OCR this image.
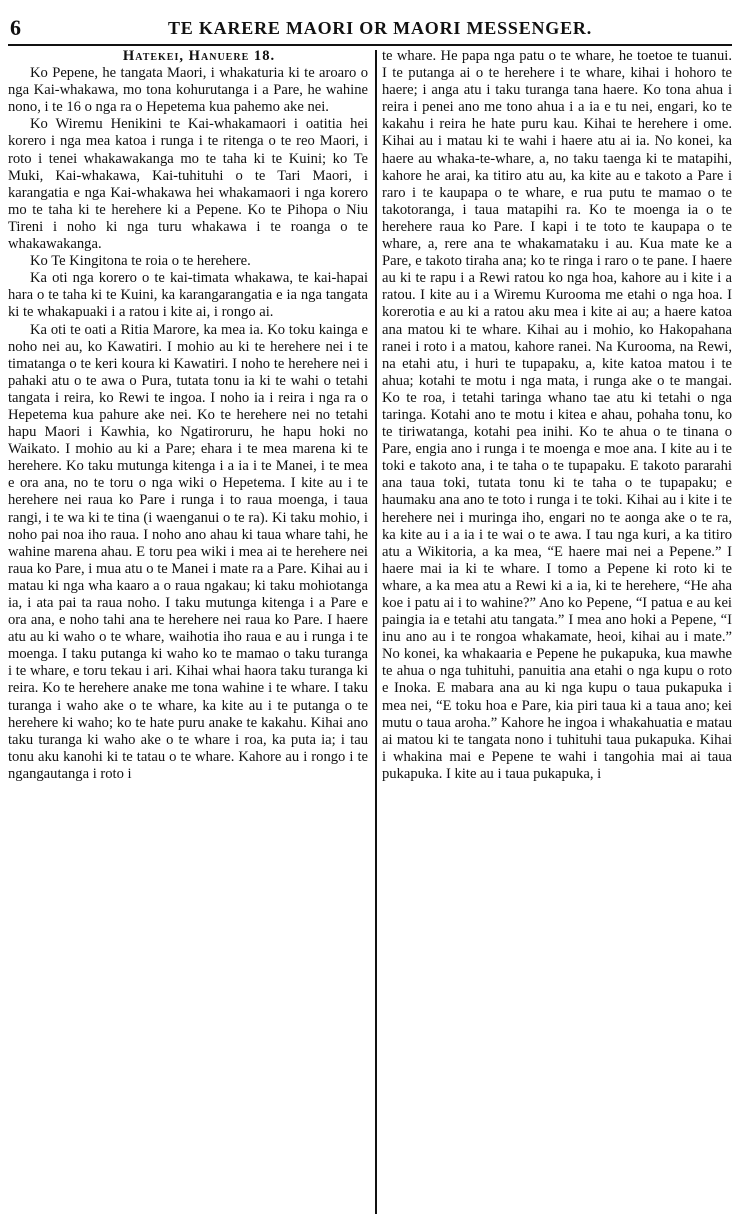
6	TE KARERE MAORI OR MAORI MESSENGER.

Hatekei, Hanuere 18.

Ko Pepene, he tangata Maori, i whakaturia ki te aroaro o nga Kai-whakawa, mo tona kohurutanga i a Pare, he wahine nono, i te 16 o nga ra o Hepetema kua pahemo ake nei.

Ko Wiremu Henikini te Kai-whakamaori i oatitia hei korero i nga mea katoa i runga i te ritenga o te reo Maori, i roto i tenei whakawakanga mo te taha ki te Kuini; ko Te Muki, Kai-whakawa, Kai-tuhituhi o te Tari Maori, i karangatia e nga Kai-whakawa hei whakamaori i nga korero mo te taha ki te herehere ki a Pepene. Ko te Pihopa o Niu Tireni i noho ki nga turu whakawa i te roanga o te whakawakanga.

Ko Te Kingitona te roia o te herehere.

Ka oti nga korero o te kai-timata whakawa, te kai-hapai hara o te taha ki te Kuini, ka karangarangatia e ia nga tangata ki te whakapuaki i a ratou i kite ai, i rongo ai.

Ka oti te oati a Ritia Marore, ka mea ia. Ko toku kainga e noho nei au, ko Kawatiri. I mohio au ki te herehere nei i te timatanga o te keri koura ki Kawatiri. I noho te herehere nei i pahaki atu o te awa o Pura, tutata tonu ia ki te wahi o tetahi tangata i reira, ko Rewi te ingoa. I noho ia i reira i nga ra o Hepetema kua pahure ake nei. Ko te herehere nei no tetahi hapu Maori i Kawhia, ko Ngatiroruru, he hapu hoki no Waikato. I mohio au ki a Pare; ehara i te mea marena ki te herehere. Ko taku mutunga kitenga i a ia i te Manei, i te mea e ora ana, no te toru o nga wiki o Hepetema. I kite au i te herehere nei raua ko Pare i runga i to raua moenga, i taua rangi, i te wa ki te tina (i waenganui o te ra). Ki taku mohio, i noho pai noa iho raua. I noho ano ahau ki taua whare tahi, he wahine marena ahau. E toru pea wiki i mea ai te herehere nei raua ko Pare, i mua atu o te Manei i mate ra a Pare. Kihai au i matau ki nga wha kaaro a o raua ngakau; ki taku mohiotanga ia, i ata pai ta raua noho. I taku mutunga kitenga i a Pare e ora ana, e noho tahi ana te herehere nei raua ko Pare. I haere atu au ki waho o te whare, waihotia iho raua e au i runga i te moenga. I taku putanga ki waho ko te mamao o taku turanga i te whare, e toru tekau i ari. Kihai whai haora taku turanga ki reira. Ko te herehere anake me tona wahine i te whare. I taku turanga i waho ake o te whare, ka kite au i te putanga o te herehere ki waho; ko te hate puru anake te kakahu. Kihai ano taku turanga ki waho ake o te whare i roa, ka puta ia; i tau tonu aku kanohi ki te tatau o te whare. Kahore au i rongo i te ngangautanga i roto i

te whare. He papa nga patu o te whare, he toetoe te tuanui. I te putanga ai o te herehere i te whare, kihai i hohoro te haere; i anga atu i taku turanga tana haere. Ko tona ahua i reira i penei ano me tono ahua i a ia e tu nei, engari, ko te kakahu i reira he hate puru kau. Kihai te herehere i ome. Kihai au i matau ki te wahi i haere atu ai ia. No konei, ka haere au whaka-te-whare, a, no taku taenga ki te matapihi, kahore he arai, ka titiro atu au, ka kite au e takoto a Pare i raro i te kaupapa o te whare, e rua putu te mamao o te takotoranga, i taua matapihi ra. Ko te moenga ia o te herehere raua ko Pare. I kapi i te toto te kaupapa o te whare, a, rere ana te whakamataku i au. Kua mate ke a Pare, e takoto tiraha ana; ko te ringa i raro o te pane. I haere au ki te rapu i a Rewi ratou ko nga hoa, kahore au i kite i a ratou. I kite au i a Wiremu Kurooma me etahi o nga hoa. I korerotia e au ki a ratou aku mea i kite ai au; a haere katoa ana matou ki te whare. Kihai au i mohio, ko Hakopahana ranei i roto i a matou, kahore ranei. Na Kurooma, na Rewi, na etahi atu, i huri te tupapaku, a, kite katoa matou i te ahua; kotahi te motu i nga mata, i runga ake o te mangai. Ko te roa, i tetahi taringa whano tae atu ki tetahi o nga taringa. Kotahi ano te motu i kitea e ahau, pohaha tonu, ko te tiriwatanga, kotahi pea inihi. Ko te ahua o te tinana o Pare, engia ano i runga i te moenga e moe ana. I kite au i te toki e takoto ana, i te taha o te tupapaku. E takoto pararahi ana taua toki, tutata tonu ki te taha o te tupapaku; e haumaku ana ano te toto i runga i te toki. Kihai au i kite i te herehere nei i muringa iho, engari no te aonga ake o te ra, ka kite au i a ia i te wai o te awa. I tau nga kuri, a ka titiro atu a Wikitoria, a ka mea, “E haere mai nei a Pepene.” I haere mai ia ki te whare. I tomo a Pepene ki roto ki te whare, a ka mea atu a Rewi ki a ia, ki te herehere, “He aha koe i patu ai i to wahine?” Ano ko Pepene, “I patua e au kei paingia ia e tetahi atu tangata.” I mea ano hoki a Pepene, “I inu ano au i te rongoa whakamate, heoi, kihai au i mate.” No konei, ka whakaaria e Pepene he pukapuka, kua mawhe te ahua o nga tuhituhi, panuitia ana etahi o nga kupu o roto e Inoka. E mabara ana au ki nga kupu o taua pukapuka i mea nei, “E toku hoa e Pare, kia piri taua ki a taua ano; kei mutu o taua aroha.” Kahore he ingoa i whakahuatia e matau ai matou ki te tangata nono i tuhituhi taua pukapuka. Kihai i whakina mai e Pepene te wahi i tangohia mai ai taua pukapuka. I kite au i taua pukapuka, i
